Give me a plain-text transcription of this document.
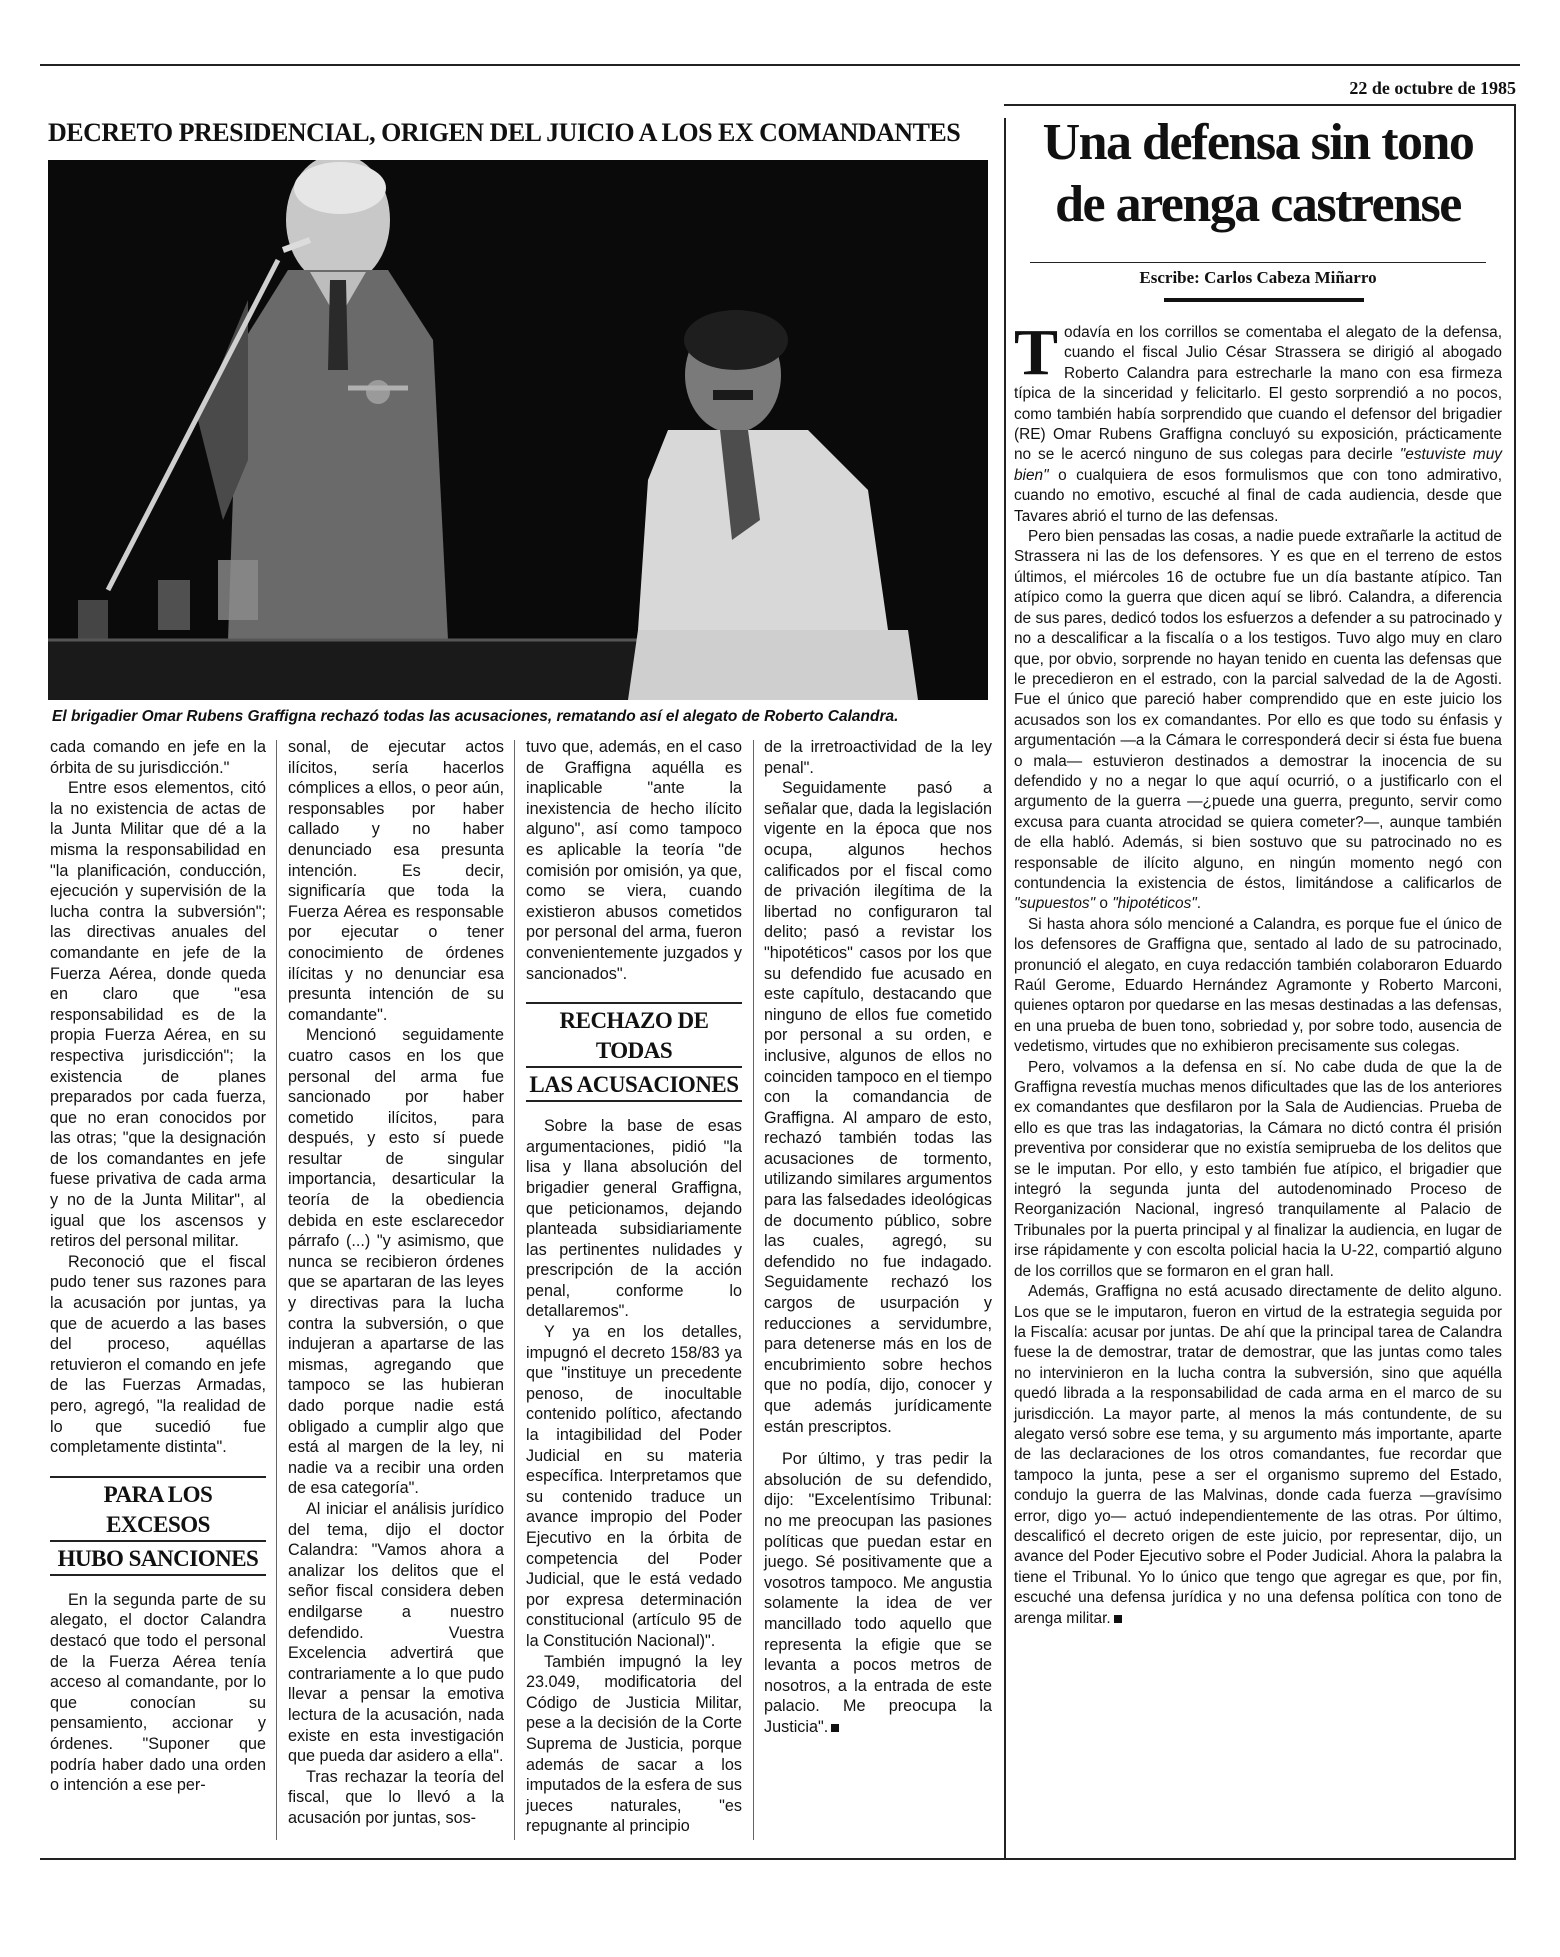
22 de octubre de 1985
DECRETO PRESIDENCIAL, ORIGEN DEL JUICIO A LOS EX COMANDANTES
El brigadier Omar Rubens Graffigna rechazó todas las acusaciones, rematando así el alegato de Roberto Calandra.

cada comando en jefe en la órbita de su jurisdicción."

Entre esos elementos, citó la no existencia de actas de la Junta Militar que dé a la misma la responsabilidad en "la planificación, conducción, ejecución y supervisión de la lucha contra la subversión"; las directivas anuales del comandante en jefe de la Fuerza Aérea, donde queda en claro que "esa responsabilidad es de la propia Fuerza Aérea, en su respectiva jurisdicción"; la existencia de planes preparados por cada fuerza, que no eran conocidos por las otras; "que la designación de los comandantes en jefe fuese privativa de cada arma y no de la Junta Militar", al igual que los ascensos y retiros del personal militar.

Reconoció que el fiscal pudo tener sus razones para la acusación por juntas, ya que de acuerdo a las bases del proceso, aquéllas retuvieron el comando en jefe de las Fuerzas Armadas, pero, agregó, "la realidad de lo que sucedió fue completamente distinta".

PARA LOS EXCESOS
HUBO SANCIONES

En la segunda parte de su alegato, el doctor Calandra destacó que todo el personal de la Fuerza Aérea tenía acceso al comandante, por lo que conocían su pensamiento, accionar y órdenes. "Suponer que podría haber dado una orden o intención a ese per-

sonal, de ejecutar actos ilícitos, sería hacerlos cómplices a ellos, o peor aún, responsables por haber callado y no haber denunciado esa presunta intención. Es decir, significaría que toda la Fuerza Aérea es responsable por ejecutar o tener conocimiento de órdenes ilícitas y no denunciar esa presunta intención de su comandante".

Mencionó seguidamente cuatro casos en los que personal del arma fue sancionado por haber cometido ilícitos, para después, y esto sí puede resultar de singular importancia, desarticular la teoría de la obediencia debida en este esclarecedor párrafo (...) "y asimismo, que nunca se recibieron órdenes que se apartaran de las leyes y directivas para la lucha contra la subversión, o que indujeran a apartarse de las mismas, agregando que tampoco se las hubieran dado porque nadie está obligado a cumplir algo que está al margen de la ley, ni nadie va a recibir una orden de esa categoría".

Al iniciar el análisis jurídico del tema, dijo el doctor Calandra: "Vamos ahora a analizar los delitos que el señor fiscal considera deben endilgarse a nuestro defendido. Vuestra Excelencia advertirá que contrariamente a lo que pudo llevar a pensar la emotiva lectura de la acusación, nada existe en esta investigación que pueda dar asidero a ella".

Tras rechazar la teoría del fiscal, que lo llevó a la acusación por juntas, sos-

tuvo que, además, en el caso de Graffigna aquélla es inaplicable "ante la inexistencia de hecho ilícito alguno", así como tampoco es aplicable la teoría "de comisión por omisión, ya que, como se viera, cuando existieron abusos cometidos por personal del arma, fueron convenientemente juzgados y sancionados".

RECHAZO DE TODAS
LAS ACUSACIONES

Sobre la base de esas argumentaciones, pidió "la lisa y llana absolución del brigadier general Graffigna, que peticionamos, dejando planteada subsidiariamente las pertinentes nulidades y prescripción de la acción penal, conforme lo detallaremos".

Y ya en los detalles, impugnó el decreto 158/83 ya que "instituye un precedente penoso, de inocultable contenido político, afectando la intagibilidad del Poder Judicial en su materia específica. Interpretamos que su contenido traduce un avance impropio del Poder Ejecutivo en la órbita de competencia del Poder Judicial, que le está vedado por expresa determinación constitucional (artículo 95 de la Constitución Nacional)".

También impugnó la ley 23.049, modificatoria del Código de Justicia Militar, pese a la decisión de la Corte Suprema de Justicia, porque además de sacar a los imputados de la esfera de sus jueces naturales, "es repugnante al principio

de la irretroactividad de la ley penal".

Seguidamente pasó a señalar que, dada la legislación vigente en la época que nos ocupa, algunos hechos calificados por el fiscal como de privación ilegítima de la libertad no configuraron tal delito; pasó a revistar los "hipotéticos" casos por los que su defendido fue acusado en este capítulo, destacando que ninguno de ellos fue cometido por personal a su orden, e inclusive, algunos de ellos no coinciden tampoco en el tiempo con la comandancia de Graffigna. Al amparo de esto, rechazó también todas las acusaciones de tormento, utilizando similares argumentos para las falsedades ideológicas de documento público, sobre las cuales, agregó, su defendido no fue indagado. Seguidamente rechazó los cargos de usurpación y reducciones a servidumbre, para detenerse más en los de encubrimiento sobre hechos que no podía, dijo, conocer y que además jurídicamente están prescriptos.

Por último, y tras pedir la absolución de su defendido, dijo: "Excelentísimo Tribunal: no me preocupan las pasiones políticas que puedan estar en juego. Sé positivamente que a vosotros tampoco. Me angustia solamente la idea de ver mancillado todo aquello que representa la efigie que se levanta a pocos metros de nosotros, a la entrada de este palacio. Me preocupa la Justicia".

Una defensa sin tono
de arenga castrense
Escribe: Carlos Cabeza Miñarro

Todavía en los corrillos se comentaba el alegato de la defensa, cuando el fiscal Julio César Strassera se dirigió al abogado Roberto Calandra para estrecharle la mano con esa firmeza típica de la sinceridad y felicitarlo. El gesto sorprendió a no pocos, como también había sorprendido que cuando el defensor del brigadier (RE) Omar Rubens Graffigna concluyó su exposición, prácticamente no se le acercó ninguno de sus colegas para decirle "estuviste muy bien" o cualquiera de esos formulismos que con tono admirativo, cuando no emotivo, escuché al final de cada audiencia, desde que Tavares abrió el turno de las defensas.

Pero bien pensadas las cosas, a nadie puede extrañarle la actitud de Strassera ni las de los defensores. Y es que en el terreno de estos últimos, el miércoles 16 de octubre fue un día bastante atípico. Tan atípico como la guerra que dicen aquí se libró. Calandra, a diferencia de sus pares, dedicó todos los esfuerzos a defender a su patrocinado y no a descalificar a la fiscalía o a los testigos. Tuvo algo muy en claro que, por obvio, sorprende no hayan tenido en cuenta las defensas que le precedieron en el estrado, con la parcial salvedad de la de Agosti. Fue el único que pareció haber comprendido que en este juicio los acusados son los ex comandantes. Por ello es que todo su énfasis y argumentación —a la Cámara le corresponderá decir si ésta fue buena o mala— estuvieron destinados a demostrar la inocencia de su defendido y no a negar lo que aquí ocurrió, o a justificarlo con el argumento de la guerra —¿puede una guerra, pregunto, servir como excusa para cuanta atrocidad se quiera cometer?—, aunque también de ella habló. Además, si bien sostuvo que su patrocinado no es responsable de ilícito alguno, en ningún momento negó con contundencia la existencia de éstos, limitándose a calificarlos de "supuestos" o "hipotéticos".

Si hasta ahora sólo mencioné a Calandra, es porque fue el único de los defensores de Graffigna que, sentado al lado de su patrocinado, pronunció el alegato, en cuya redacción también colaboraron Eduardo Raúl Gerome, Eduardo Hernández Agramonte y Roberto Marconi, quienes optaron por quedarse en las mesas destinadas a las defensas, en una prueba de buen tono, sobriedad y, por sobre todo, ausencia de vedetismo, virtudes que no exhibieron precisamente sus colegas.

Pero, volvamos a la defensa en sí. No cabe duda de que la de Graffigna revestía muchas menos dificultades que las de los anteriores ex comandantes que desfilaron por la Sala de Audiencias. Prueba de ello es que tras las indagatorias, la Cámara no dictó contra él prisión preventiva por considerar que no existía semiprueba de los delitos que se le imputan. Por ello, y esto también fue atípico, el brigadier que integró la segunda junta del autodenominado Proceso de Reorganización Nacional, ingresó tranquilamente al Palacio de Tribunales por la puerta principal y al finalizar la audiencia, en lugar de irse rápidamente y con escolta policial hacia la U-22, compartió alguno de los corrillos que se formaron en el gran hall.

Además, Graffigna no está acusado directamente de delito alguno. Los que se le imputaron, fueron en virtud de la estrategia seguida por la Fiscalía: acusar por juntas. De ahí que la principal tarea de Calandra fuese la de demostrar, tratar de demostrar, que las juntas como tales no intervinieron en la lucha contra la subversión, sino que aquélla quedó librada a la responsabilidad de cada arma en el marco de su jurisdicción. La mayor parte, al menos la más contundente, de su alegato versó sobre ese tema, y su argumento más importante, aparte de las declaraciones de los otros comandantes, fue recordar que tampoco la junta, pese a ser el organismo supremo del Estado, condujo la guerra de las Malvinas, donde cada fuerza —gravísimo error, digo yo— actuó independientemente de las otras. Por último, descalificó el decreto origen de este juicio, por representar, dijo, un avance del Poder Ejecutivo sobre el Poder Judicial. Ahora la palabra la tiene el Tribunal. Yo lo único que tengo que agregar es que, por fin, escuché una defensa jurídica y no una defensa política con tono de arenga militar.
